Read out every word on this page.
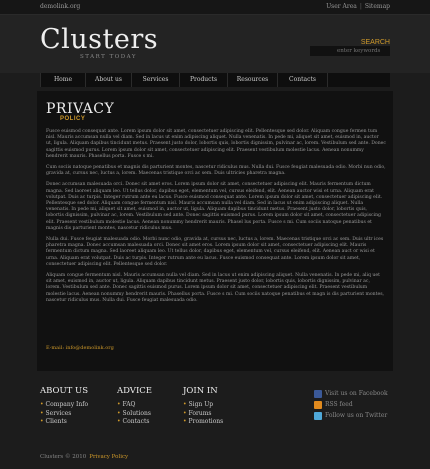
demolink.org	User Area | Sitemap
Clusters
START TODAY
SEARCH
enter keywords
Home	About us	Services	Products	Resources	Contacts
PRIVACY
POLICY

Fusce euismod consequat ante. Lorem ipsum dolor sit amet, consectetuer adipiscing elit. Pellentesque sed dolor. Aliquam congue fermen tum nisl. Mauris accumsan nulla vel diam. Sed in lacus ut enim adipiscing aliquet. Nulla venenatis. In pede mi, aliquet sit amet, euismod in, auctor ut, ligula. Aliquam dapibus tincidunt metus. Praesent justo dolor, lobortis quis, lobortis dignissim, pulvinar ac, lorem. Vestibulum sed ante. Donec sagittis euismod purus. Lorem ipsum dolor sit amet, consectetuer adipiscing elit. Praesent vestibulum molestie lacus. Aenean nonummy hendrerit mauris. Phasellus porta. Fusce s mi.

Cum sociis natoque penatibus et magnis dis parturient montes, nascetur ridiculus mus. Nulla dui. Fusce feugiat malesuada odio. Morbi nun odio, gravida at, cursus nec, luctus a, lorem. Maecenas tristique orci ac sem. Duis ultricies pharetra magna.

Donec accumsan malesuada orci. Donec sit amet eros. Lorem ipsum dolor sit amet, consectetuer adipiscing elit. Mauris fermentum dictum magna. Sed laoreet aliquam leo. Ut tellus dolor, dapibus eget, elementum vel, cursus eleifend, elit. Aenean auctor wisi et urna. Aliquam erat volutpat. Duis ac turpis. Integer rutrum ante eu lacus. Fusce euismod consequat ante. Lorem ipsum dolor sit amet, consectetuer adipiscing elit. Pellentesque sed dolor. Aliquam congue fermentum nisl. Mauris accumsan nulla vel diam. Sed in lacus ut enim adipiscing aliquet. Nulla venenatis. In pede mi, aliquet sit amet, euismod in, auctor ut, ligula. Aliquam dapibus tincidunt metus. Praesent justo dolor, lobortis quis, lobortis dignissim, pulvinar ac, lorem. Vestibulum sed ante. Donec sagittis euismod purus. Lorem ipsum dolor sit amet, consectetuer adipiscing elit. Praesent vestibulum molestie lacus. Aenean nonummy hendrerit mauris. Phasel lus porta. Fusce s mi. Cum sociis natoque penatibus et magnis dis parturient montes, nascetur ridiculus mus.

Nulla dui. Fusce feugiat malesuada odio. Morbi nunc odio, gravida at, cursus nec, luctus a, lorem. Maecenas tristique orci ac sem. Duis ultr ices pharetra magna. Donec accumsan malesuada orci. Donec sit amet eros. Lorem ipsum dolor sit amet, consectetuer adipiscing elit. Mauris fermentum dictum magna. Sed laoreet aliquam leo. Ut tellus dolor, dapibus eget, elementum vel, cursus eleifend, elit. Aenean auct or wisi et urna. Aliquam erat volutpat. Duis ac turpis. Integer rutrum ante eu lacus. Fusce euismod consequat ante. Lorem ipsum dolor sit amet, consectetuer adipiscing elit. Pellentesque sed dolor.

Aliquam congue fermentum nisl. Mauris accumsan nulla vel diam. Sed in lacus ut enim adipiscing aliquet. Nulla venenatis. In pede mi, aliq uet sit amet, euismod in, auctor ut, ligula. Aliquam dapibus tincidunt metus. Praesent justo dolor, lobortis quis, lobortis dignissim, pulvinar ac, lorem. Vestibulum sed ante. Donec sagittis euismod purus. Lorem ipsum dolor sit amet, consectetuer adipiscing elit. Praesent vestibulum molestie lacus. Aenean nonummy hendrerit mauris. Phasellus porta. Fusce s mi. Cum sociis natoque penatibus et magn is dis parturient montes, nascetur ridiculus mus. Nulla dui. Fusce feugiat malesuada odio.

E-mail: info@demolink.org
ABOUT US
• Company Info
• Services
• Clients
ADVICE
• FAQ
• Solutions
• Contacts
JOIN IN
• Sign Up
• Forums
• Promotions
Visit us on Facebook
RSS feed
Follow us on Twitter
Clusters © 2010 Privacy Policy
